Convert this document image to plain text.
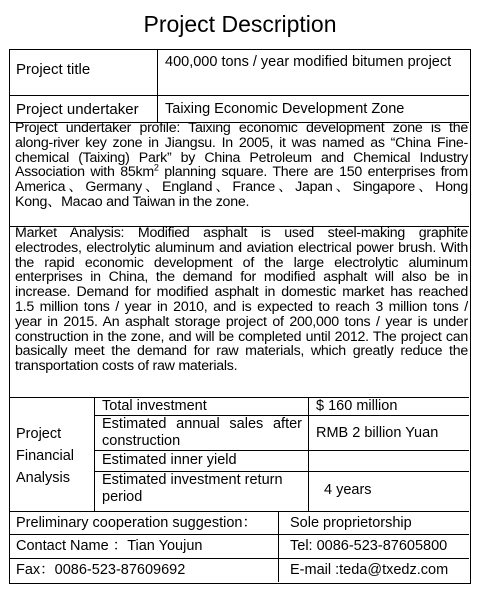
Project Description
Project title	400,000 tons / year modified bitumen project
Project undertaker	Taixing Economic Development Zone
Project undertaker profile: Taixing economic development zone is the along-river key zone in Jiangsu. In 2005, it was named as “China Fine-chemical (Taixing) Park” by China Petroleum and Chemical Industry Association with $85km^2$ planning square. There are 150 enterprises from America、Germany、England、France、Japan、Singapore、Hong Kong、Macao and Taiwan in the zone.
Market Analysis: Modified asphalt is used steel-making graphite electrodes, electrolytic aluminum and aviation electrical power brush. With the rapid economic development of the large electrolytic aluminum enterprises in China, the demand for modified asphalt will also be in increase. Demand for modified asphalt in domestic market has reached 1.5 million tons / year in 2010, and is expected to reach 3 million tons / year in 2015. An asphalt storage project of 200,000 tons / year is under construction in the zone, and will be completed until 2012. The project can basically meet the demand for raw materials, which greatly reduce the transportation costs of raw materials.
Project
Financial
Analysis
Total investment	$ 160 million
Estimated annual sales after construction	RMB 2 billion Yuan
Estimated inner yield
Estimated investment return period	4 years
Preliminary cooperation suggestion：	Sole proprietorship
Contact Name ：Tian Youjun	Tel: 0086-523-87605800
Fax：0086-523-87609692	E-mail :teda@txedz.com
